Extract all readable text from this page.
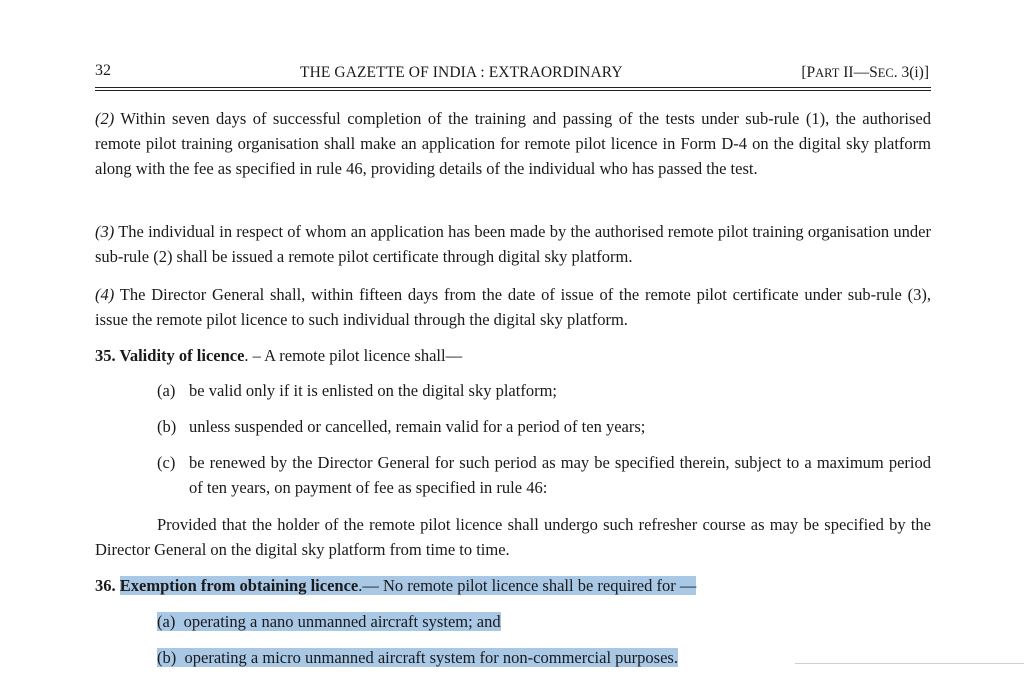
32	THE GAZETTE OF INDIA : EXTRAORDINARY	[PART II—SEC. 3(i)]

(2) Within seven days of successful completion of the training and passing of the tests under sub-rule (1), the authorised remote pilot training organisation shall make an application for remote pilot licence in Form D-4 on the digital sky platform along with the fee as specified in rule 46, providing details of the individual who has passed the test.

(3) The individual in respect of whom an application has been made by the authorised remote pilot training organisation under sub-rule (2) shall be issued a remote pilot certificate through digital sky platform.

(4) The Director General shall, within fifteen days from the date of issue of the remote pilot certificate under sub-rule (3), issue the remote pilot licence to such individual through the digital sky platform.

35. Validity of licence. – A remote pilot licence shall—

(a) be valid only if it is enlisted on the digital sky platform;
(b) unless suspended or cancelled, remain valid for a period of ten years;
(c) be renewed by the Director General for such period as may be specified therein, subject to a maximum period of ten years, on payment of fee as specified in rule 46:

Provided that the holder of the remote pilot licence shall undergo such refresher course as may be specified by the Director General on the digital sky platform from time to time.

36. Exemption from obtaining licence.— No remote pilot licence shall be required for —

(a) operating a nano unmanned aircraft system; and
(b) operating a micro unmanned aircraft system for non-commercial purposes.
